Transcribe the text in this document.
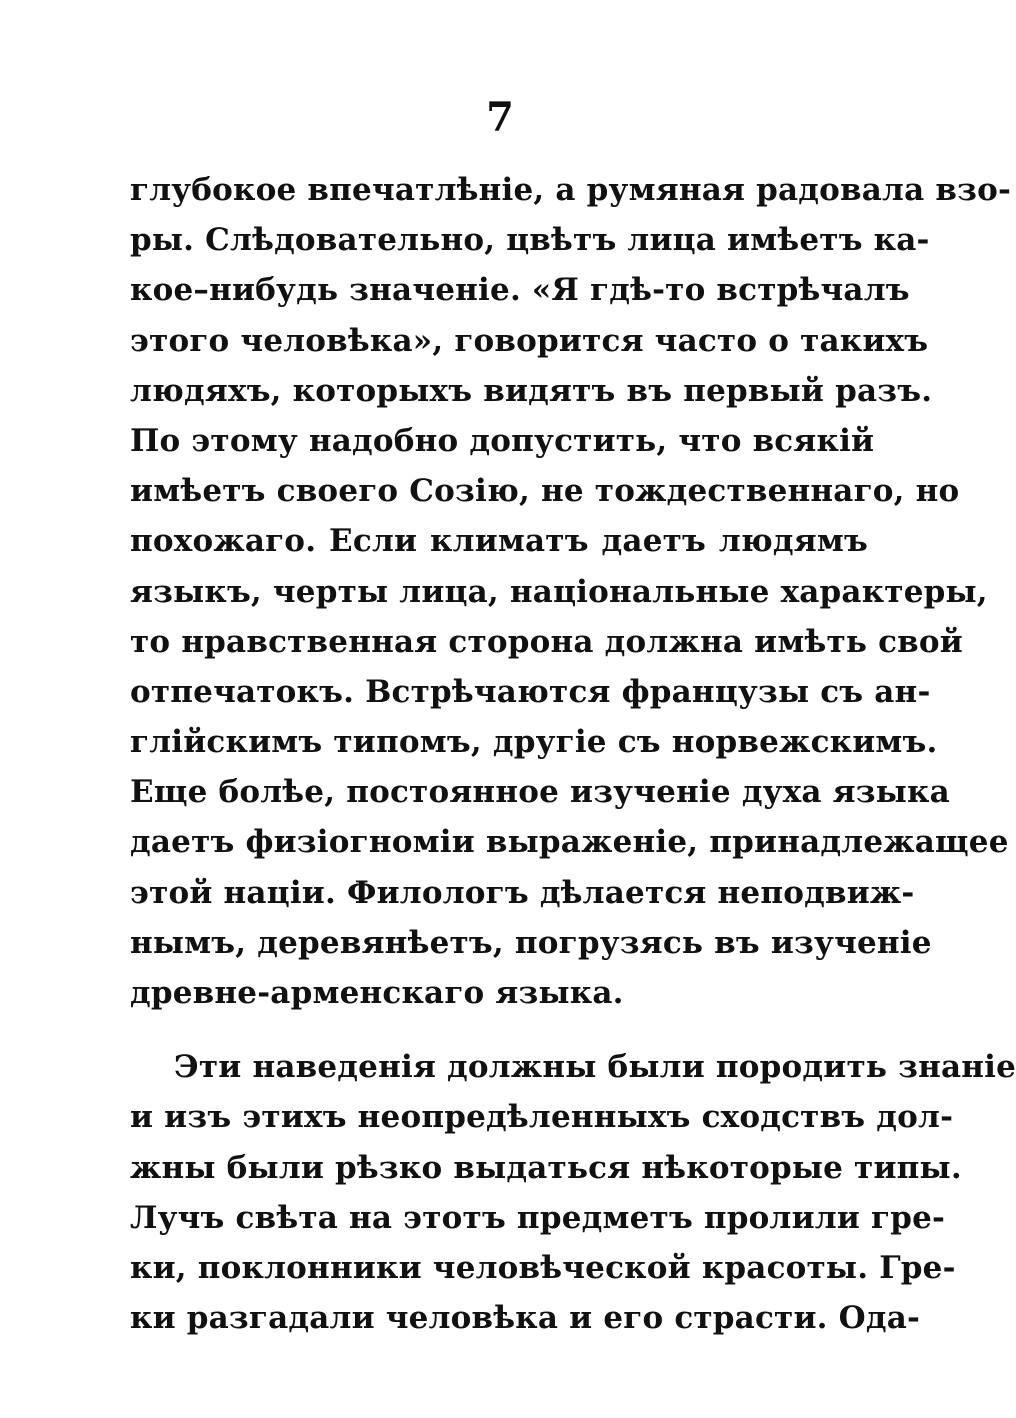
7
глубокое впечатлѣніе, а румяная радовала взо-
ры. Слѣдовательно, цвѣтъ лица имѣетъ ка-
кое–нибудь значеніе. «Я гдѣ-то встрѣчалъ
этого человѣка», говорится часто о такихъ
людяхъ, которыхъ видятъ въ первый разъ.
По этому надобно допустить, что всякій
имѣетъ своего Созію, не тождественнаго, но
похожаго. Если климатъ даетъ людямъ
языкъ, черты лица, національные характеры,
то нравственная сторона должна имѣть свой
отпечатокъ. Встрѣчаются французы съ ан-
глійскимъ типомъ, другіе съ норвежскимъ.
Еще болѣе, постоянное изученіе духа языка
даетъ физіогноміи выраженіе, принадлежащее
этой націи. Филологъ дѣлается неподвиж-
нымъ, деревянѣетъ, погрузясь въ изученіе
древне-арменскаго языка.
Эти наведенія должны были породить знаніе
и изъ этихъ неопредѣленныхъ сходствъ дол-
жны были рѣзко выдаться нѣкоторые типы.
Лучъ свѣта на этотъ предметъ пролили гре-
ки, поклонники человѣческой красоты. Гре-
ки разгадали человѣка и его страсти. Ода-
